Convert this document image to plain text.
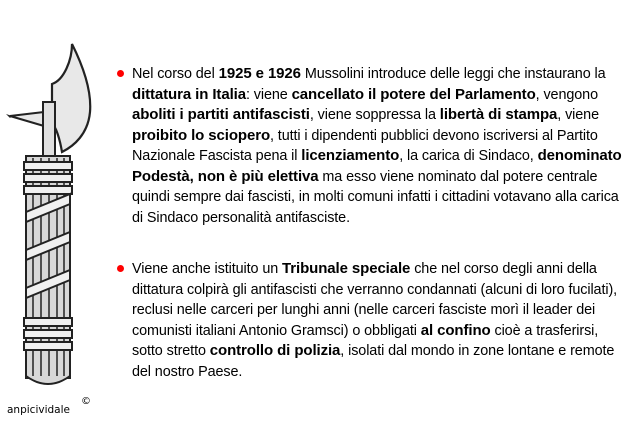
Nel corso del 1925 e 1926 Mussolini introduce delle leggi che instaurano la dittatura in Italia: viene cancellato il potere del Parlamento, vengono aboliti i partiti antifascisti, viene soppressa la libertà di stampa, viene proibito lo sciopero, tutti i dipendenti pubblici devono iscriversi al Partito Nazionale Fascista pena il licenziamento, la carica di Sindaco, denominato Podestà, non è più elettiva ma esso viene nominato dal potere centrale quindi sempre dai fascisti, in molti comuni infatti i cittadini votavano alla carica di Sindaco personalità antifasciste.

Viene anche istituito un Tribunale speciale che nel corso degli anni della dittatura colpirà gli antifascisti che verranno condannati (alcuni di loro fucilati), reclusi nelle carceri per lunghi anni (nelle carceri fasciste morì il leader dei comunisti italiani Antonio Gramsci) o obbligati al confino cioè a trasferirsi, sotto stretto controllo di polizia, isolati dal mondo in zone lontane e remote del nostro Paese.

anpicividale
©
